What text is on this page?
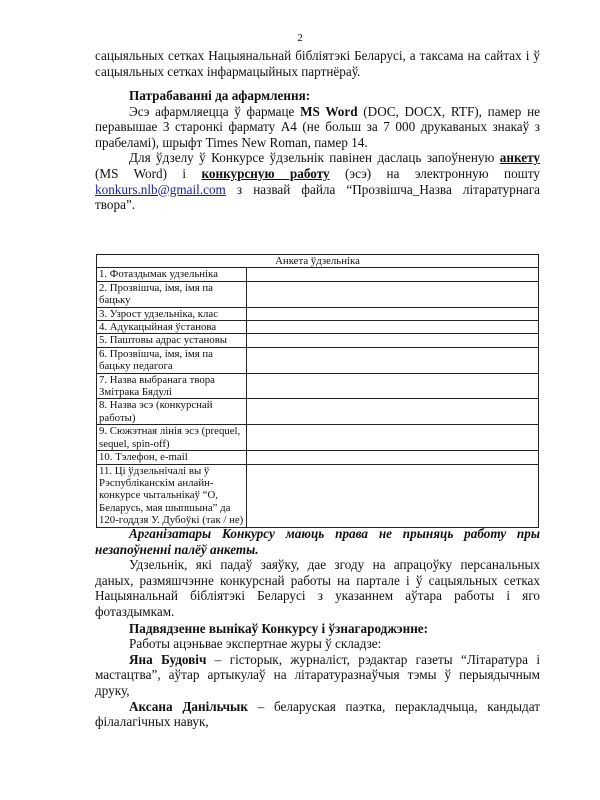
2

сацыяльных сетках Нацыянальнай бібліятэкі Беларусі, а таксама на сайтах і ў сацыяльных сетках інфармацыйных партнёраў.

Патрабаванні да афармлення:

Эсэ афармляецца ў фармаце MS Word (DOC, DOCX, RTF), памер не перавышае 3 старонкі фармату А4 (не больш за 7 000 друкаваных знакаў з прабеламі), шрыфт Times New Roman, памер 14.

Для ўдзелу ў Конкурсе ўдзельнік павінен даслаць запоўненую анкету (MS Word) і конкурсную работу (эсэ) на электронную пошту konkurs.nlb@gmail.com з назвай файла “Прозвішча_Назва літаратурнага твора”.

Анкета ўдзельніка	
1. Фотаздымак удзельніка	
2. Прозвішча, імя, імя па бацьку	
3. Узрост удзельніка, клас	
4. Адукацыйная ўстанова	
5. Паштовы адрас установы	
6. Прозвішча, імя, імя па бацьку педагога	
7. Назва выбранага твора Змітрака Бядулі	
8. Назва эсэ (конкурснай работы)	
9. Сюжэтная лінія эсэ (prequel, sequel, spin-off)	
10. Тэлефон, e-mail	
11. Ці ўдзельнічалі вы ў Рэспубліканскім анлайн-конкурсе чытальнікаў “О, Беларусь, мая шыпшына” да 120-годдзя У. Дубоўкі (так / не)	

Арганізатары Конкурсу маюць права не прыняць работу пры незапоўненні палёў анкеты.

Удзельнік, які падаў заяўку, дае згоду на апрацоўку персанальных даных, размяшчэнне конкурснай работы на партале і ў сацыяльных сетках Нацыянальнай бібліятэкі Беларусі з указаннем аўтара работы і яго фотаздымкам.

Падвядзенне вынікаў Конкурсу і ўзнагароджэнне:

Работы ацэньвае экспертнае журы ў складзе:

Яна Будовіч – гісторык, журналіст, рэдактар газеты “Літаратура і мастацтва”, аўтар артыкулаў на літаратуразнаўчыя тэмы ў перыядычным друку,

Аксана Данільчык – беларуская паэтка, перакладчыца, кандыдат філалагічных навук,
